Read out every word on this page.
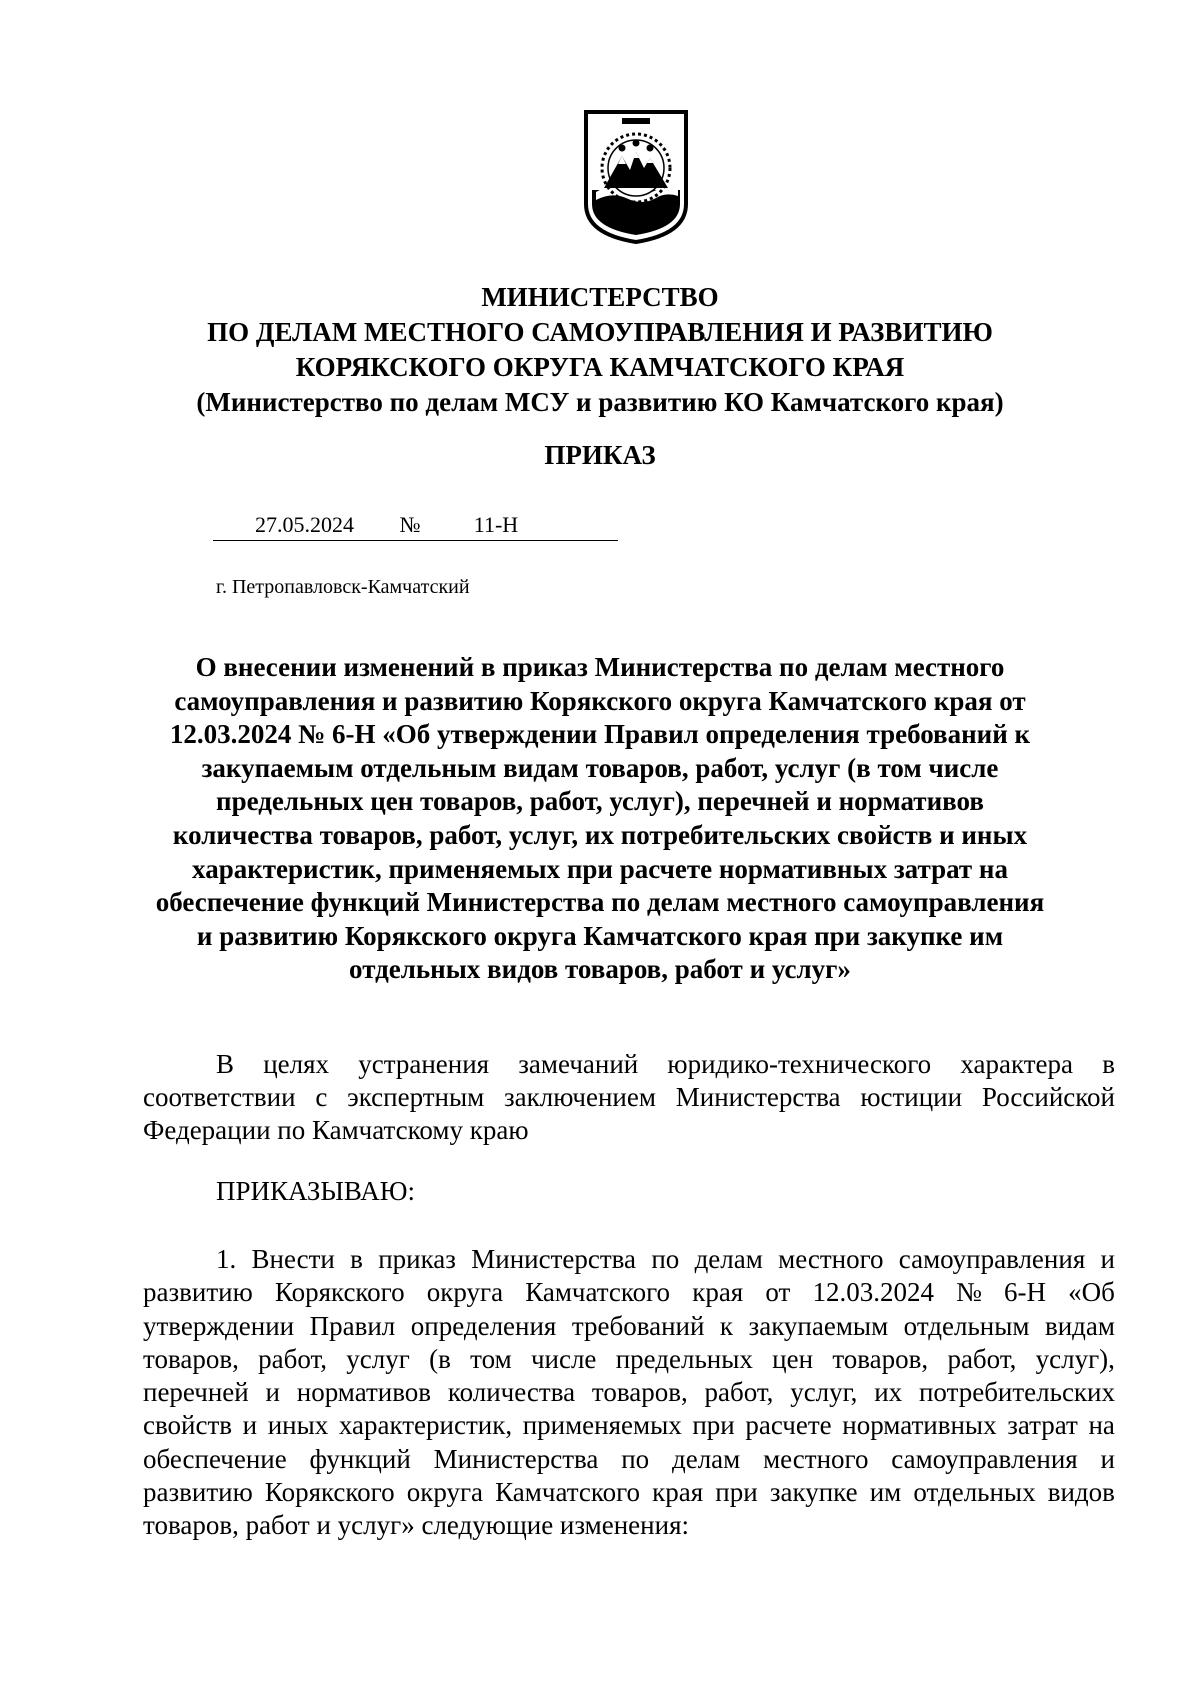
МИНИСТЕРСТВО
ПО ДЕЛАМ МЕСТНОГО САМОУПРАВЛЕНИЯ И РАЗВИТИЮ
КОРЯКСКОГО ОКРУГА КАМЧАТСКОГО КРАЯ
(Министерство по делам МСУ и развитию КО Камчатского края)
ПРИКАЗ
27.05.2024	№	11-Н
г. Петропавловск-Камчатский
О внесении изменений в приказ Министерства по делам местного
самоуправления и развитию Корякского округа Камчатского края от
12.03.2024 № 6-Н «Об утверждении Правил определения требований к
закупаемым отдельным видам товаров, работ, услуг (в том числе
предельных цен товаров, работ, услуг), перечней и нормативов
количества товаров, работ, услуг, их потребительских свойств и иных
характеристик, применяемых при расчете нормативных затрат на
обеспечение функций Министерства по делам местного самоуправления
и развитию Корякского округа Камчатского края при закупке им
отдельных видов товаров, работ и услуг»
В целях устранения замечаний юридико-технического характера в
соответствии с экспертным заключением Министерства юстиции Российской
Федерации по Камчатскому краю
ПРИКАЗЫВАЮ:
1. Внести в приказ Министерства по делам местного самоуправления и
развитию Корякского округа Камчатского края от 12.03.2024 № 6-Н «Об
утверждении Правил определения требований к закупаемым отдельным видам
товаров, работ, услуг (в том числе предельных цен товаров, работ, услуг),
перечней и нормативов количества товаров, работ, услуг, их потребительских
свойств и иных характеристик, применяемых при расчете нормативных затрат на
обеспечение функций Министерства по делам местного самоуправления и
развитию Корякского округа Камчатского края при закупке им отдельных видов
товаров, работ и услуг» следующие изменения:
